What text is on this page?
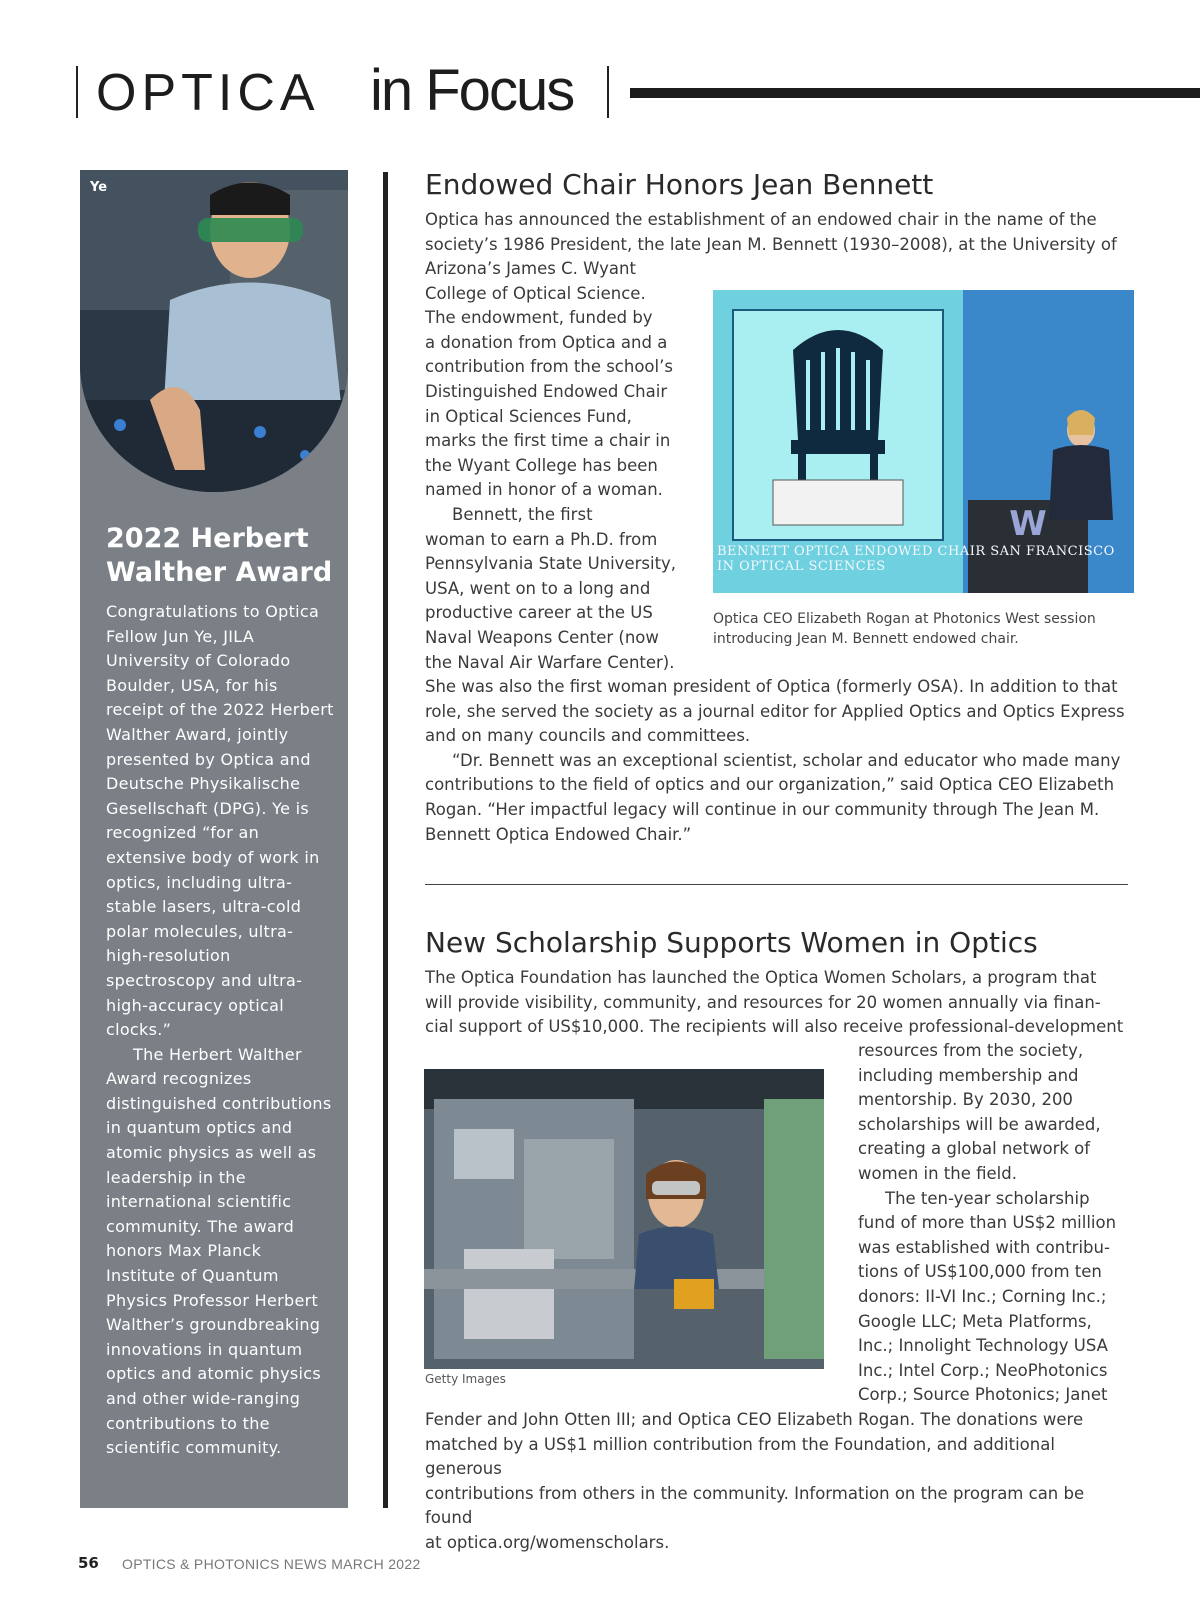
OPTICA in Focus
Ye
2022 Herbert Walther Award

Congratulations to Optica Fellow Jun Ye, JILA University of Colorado Boulder, USA, for his receipt of the 2022 Herbert Walther Award, jointly presented by Optica and Deutsche Physikalische Gesellschaft (DPG). Ye is recognized “for an extensive body of work in optics, including ultra-stable lasers, ultra-cold polar molecules, ultra-high-resolution spectroscopy and ultra-high-accuracy optical clocks.”

The Herbert Walther Award recognizes distinguished contributions in quantum optics and atomic physics as well as leadership in the international scientific community. The award honors Max Planck Institute of Quantum Physics Professor Herbert Walther’s groundbreaking innovations in quantum optics and atomic physics and other wide-ranging contributions to the scientific community.

Endowed Chair Honors Jean Bennett

Optica has announced the establishment of an endowed chair in the name of the

society’s 1986 President, the late Jean M. Bennett (1930–2008), at the University of

Arizona’s James C. Wyant

College of Optical Science.

The endowment, funded by

a donation from Optica and a

contribution from the school’s

Distinguished Endowed Chair

in Optical Sciences Fund,

marks the first time a chair in

the Wyant College has been

named in honor of a woman.

Bennett, the first

woman to earn a Ph.D. from

Pennsylvania State University,

USA, went on to a long and

productive career at the US

Naval Weapons Center (now

the Naval Air Warfare Center).

W
BENNETT OPTICA ENDOWED CHAIR SAN FRANCISCO IN OPTICAL SCIENCES
Optica CEO Elizabeth Rogan at Photonics West session introducing Jean M. Bennett endowed chair.

She was also the first woman president of Optica (formerly OSA). In addition to that

role, she served the society as a journal editor for Applied Optics and Optics Express

and on many councils and committees.

“Dr. Bennett was an exceptional scientist, scholar and educator who made many

contributions to the field of optics and our organization,” said Optica CEO Elizabeth

Rogan. “Her impactful legacy will continue in our community through The Jean M.

Bennett Optica Endowed Chair.”

New Scholarship Supports Women in Optics

The Optica Foundation has launched the Optica Women Scholars, a program that

will provide visibility, community, and resources for 20 women annually via finan-

cial support of US$10,000. The recipients will also receive professional-development

Getty Images

resources from the society,

including membership and

mentorship. By 2030, 200

scholarships will be awarded,

creating a global network of

women in the field.

The ten-year scholarship

fund of more than US$2 million

was established with contribu-

tions of US$100,000 from ten

donors: II-VI Inc.; Corning Inc.;

Google LLC; Meta Platforms,

Inc.; Innolight Technology USA

Inc.; Intel Corp.; NeoPhotonics

Corp.; Source Photonics; Janet

Fender and John Otten III; and Optica CEO Elizabeth Rogan. The donations were

matched by a US$1 million contribution from the Foundation, and additional generous

contributions from others in the community. Information on the program can be found

at optica.org/womenscholars.

56 OPTICS & PHOTONICS NEWS MARCH 2022
